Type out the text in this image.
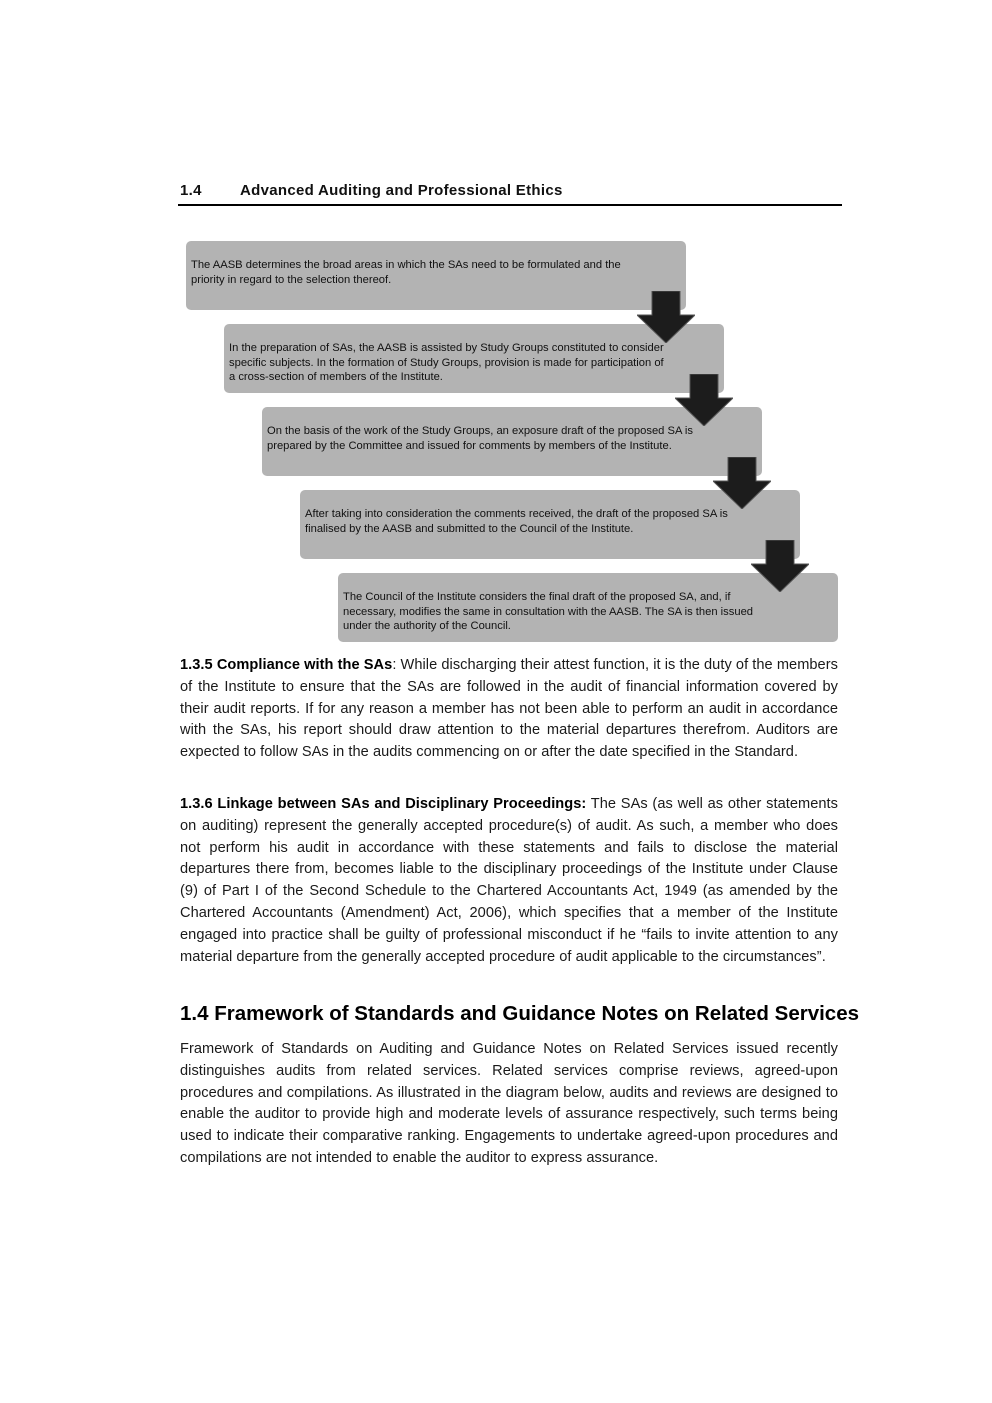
1.4	Advanced Auditing and Professional Ethics
The AASB determines the broad areas in which the SAs need to be formulated and the priority in regard to the selection thereof.
In the preparation of SAs, the AASB is assisted by Study Groups constituted to consider specific subjects. In the formation of Study Groups, provision is made for participation of a cross-section of members of the Institute.
On the basis of the work of the Study Groups, an exposure draft of the proposed SA is prepared by the Committee and issued for comments by members of the Institute.
After taking into consideration the comments received, the draft of the proposed SA is finalised by the AASB and submitted to the Council of the Institute.
The Council of the Institute considers the final draft of the proposed SA, and, if necessary, modifies the same in consultation with the AASB. The SA is then issued under the authority of the Council.
1.3.5 Compliance with the SAs: While discharging their attest function, it is the duty of the members of the Institute to ensure that the SAs are followed in the audit of financial information covered by their audit reports. If for any reason a member has not been able to perform an audit in accordance with the SAs, his report should draw attention to the material departures therefrom. Auditors are expected to follow SAs in the audits commencing on or after the date specified in the Standard.
1.3.6 Linkage between SAs and Disciplinary Proceedings: The SAs (as well as other statements on auditing) represent the generally accepted procedure(s) of audit. As such, a member who does not perform his audit in accordance with these statements and fails to disclose the material departures there from, becomes liable to the disciplinary proceedings of the Institute under Clause (9) of Part I of the Second Schedule to the Chartered Accountants Act, 1949 (as amended by the Chartered Accountants (Amendment) Act, 2006), which specifies that a member of the Institute engaged into practice shall be guilty of professional misconduct if he “fails to invite attention to any material departure from the generally accepted procedure of audit applicable to the circumstances”.
1.4 Framework of Standards and Guidance Notes on Related Services
Framework of Standards on Auditing and Guidance Notes on Related Services issued recently distinguishes audits from related services. Related services comprise reviews, agreed-upon procedures and compilations. As illustrated in the diagram below, audits and reviews are designed to enable the auditor to provide high and moderate levels of assurance respectively, such terms being used to indicate their comparative ranking. Engagements to undertake agreed-upon procedures and compilations are not intended to enable the auditor to express assurance.
